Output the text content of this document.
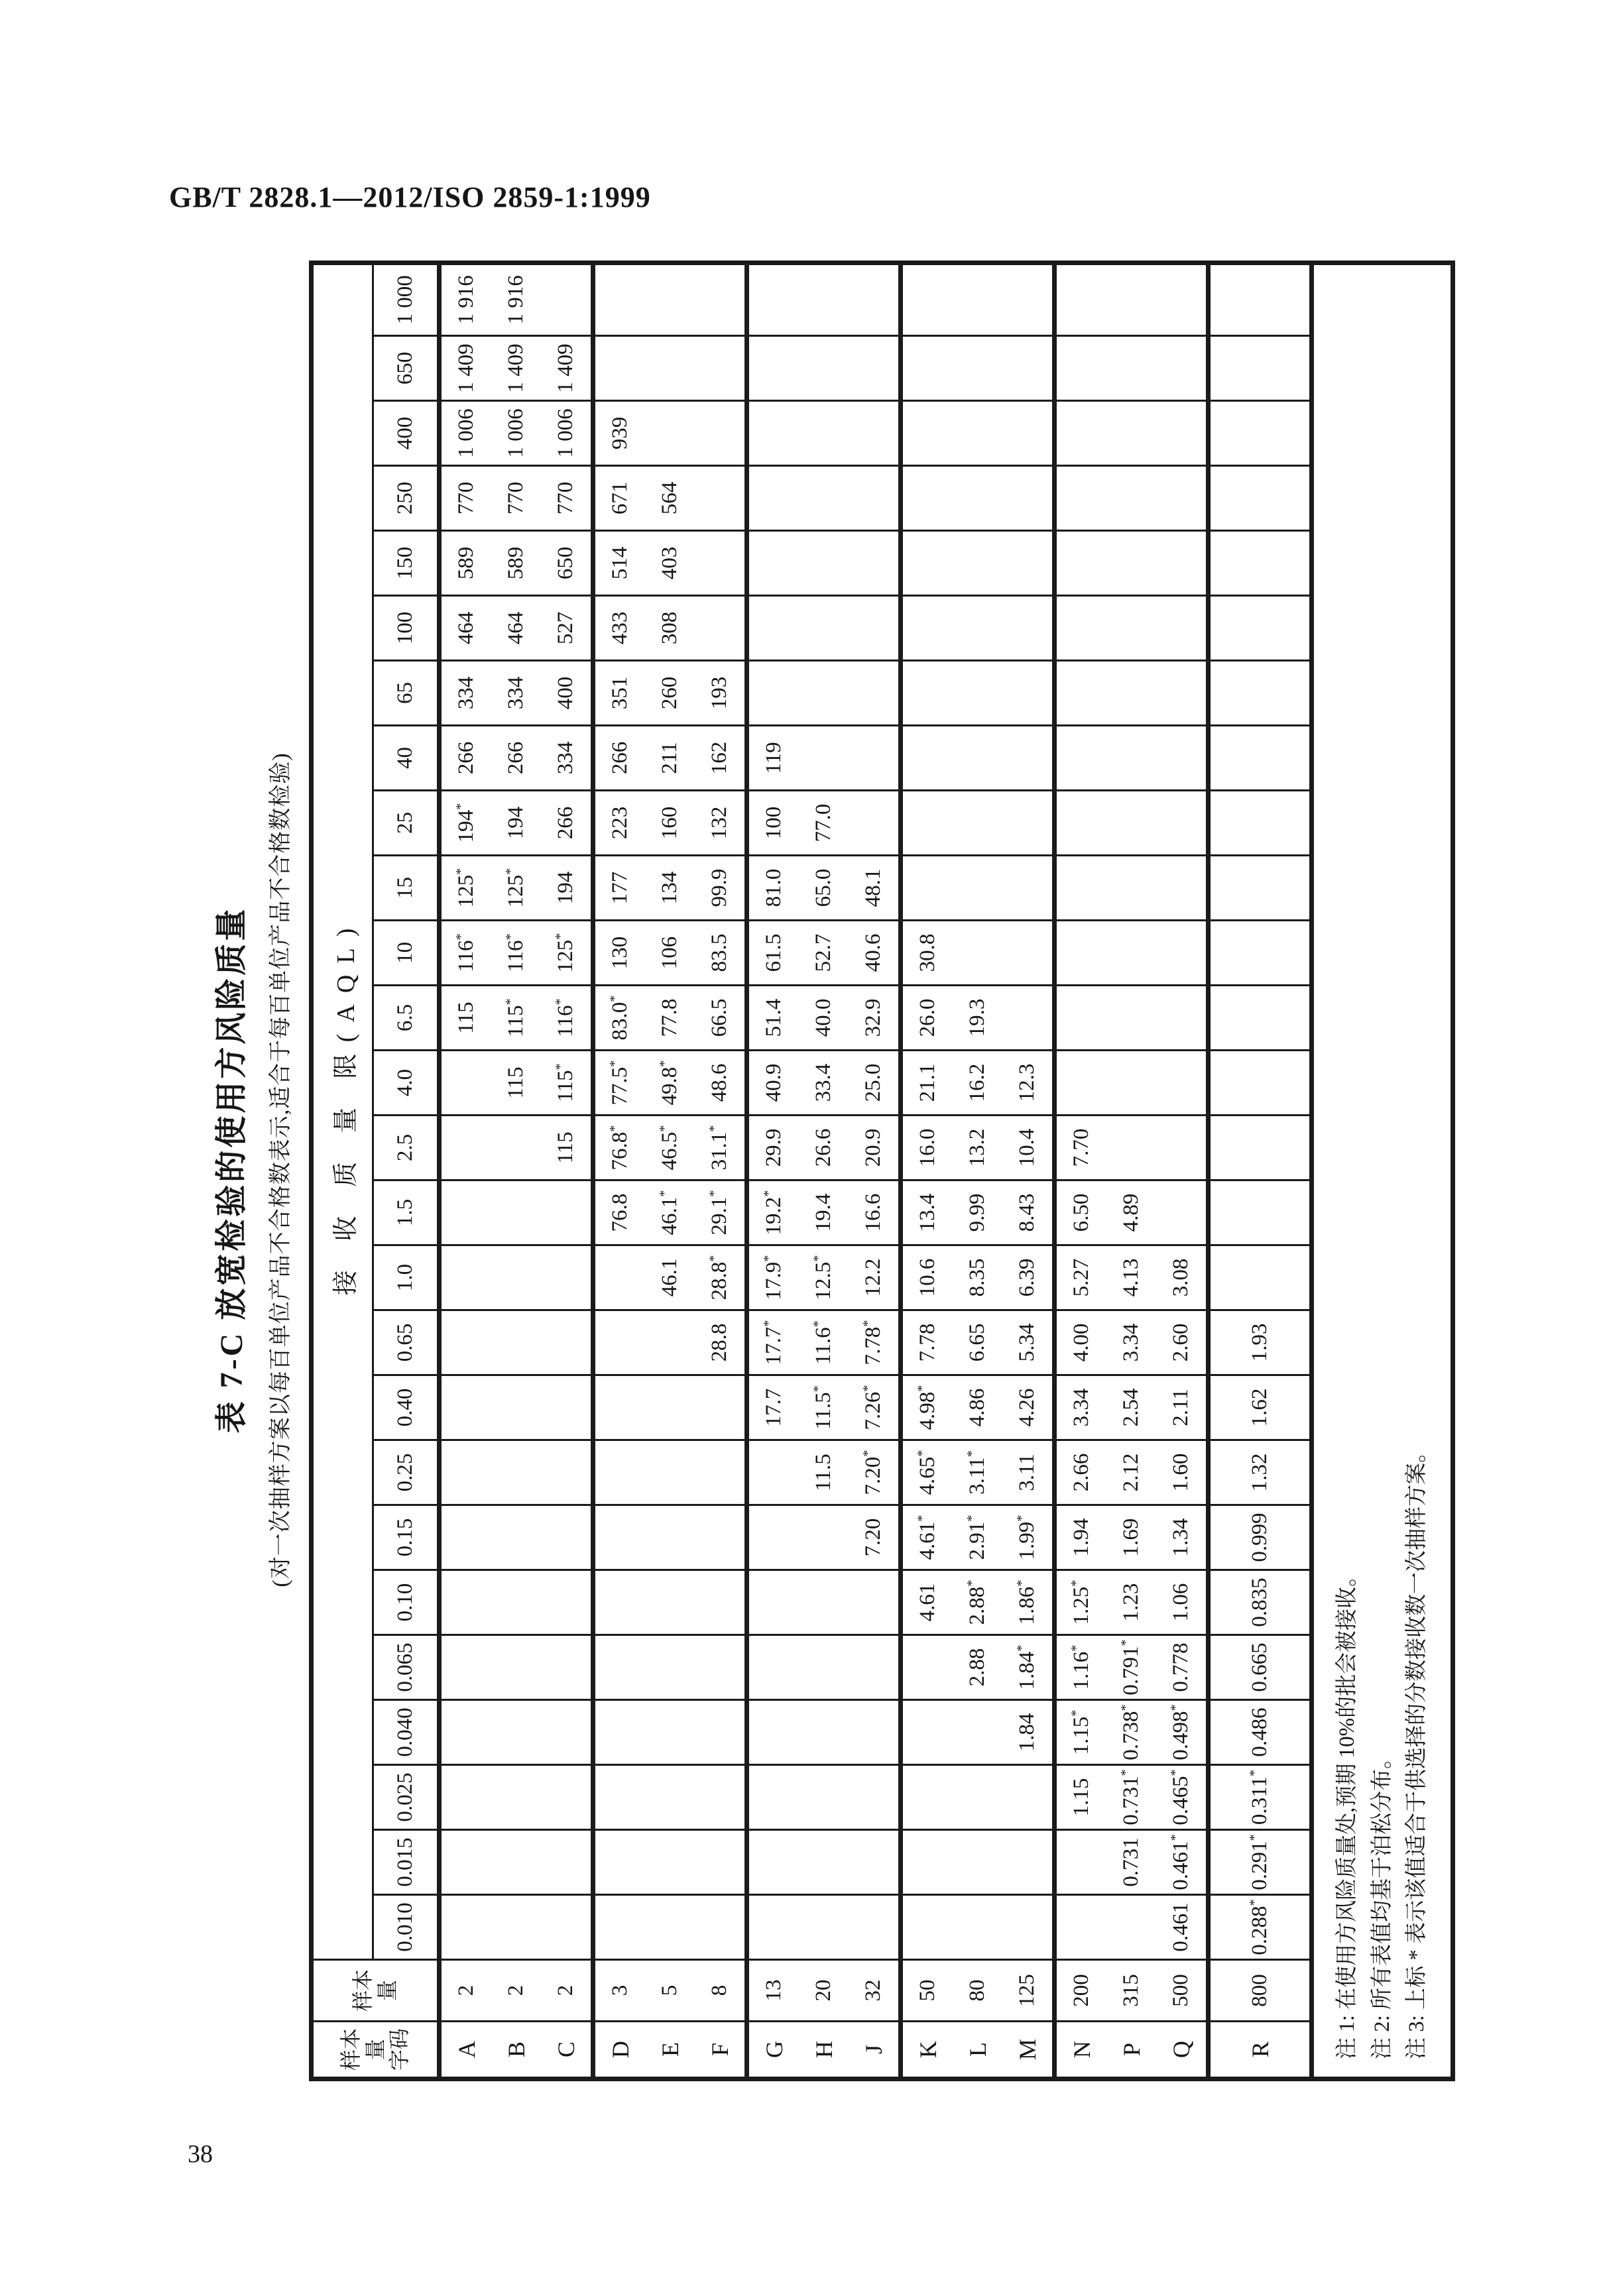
GB/T 2828.1—2012/ISO 2859-1:1999
表 7-C 放宽检验的使用方风险质量 (对一次抽样方案以每百单位产品不合格数表示,适合于每百单位产品不合格数检验)
样本
量
字码	样本
量	接 收 质 量 限(AQL)																									
		0.010	0.015	0.025	0.040	0.065	0.10	0.15	0.25	0.40	0.65	1.0	1.5	2.5	4.0	6.5	10	15	25	40	65	100	150	250	400	650	1 000
A	2															115	116*	125*	194*	266	334	464	589	770	1 006	1 409	1 916
B	2														115	115*	116*	125*	194	266	334	464	589	770	1 006	1 409	1 916
C	2													115	115*	116*	125*	194	266	334	400	527	650	770	1 006	1 409	
D	3												76.8	76.8*	77.5*	83.0*	130	177	223	266	351	433	514	671	939		
E	5											46.1	46.1*	46.5*	49.8*	77.8	106	134	160	211	260	308	403	564			
F	8										28.8	28.8*	29.1*	31.1*	48.6	66.5	83.5	99.9	132	162	193						
G	13									17.7	17.7*	17.9*	19.2*	29.9	40.9	51.4	61.5	81.0	100	119							
H	20								11.5	11.5*	11.6*	12.5*	19.4	26.6	33.4	40.0	52.7	65.0	77.0								
J	32							7.20	7.20*	7.26*	7.78*	12.2	16.6	20.9	25.0	32.9	40.6	48.1									
K	50						4.61	4.61*	4.65*	4.98*	7.78	10.6	13.4	16.0	21.1	26.0	30.8										
L	80					2.88	2.88*	2.91*	3.11*	4.86	6.65	8.35	9.99	13.2	16.2	19.3											
M	125				1.84	1.84*	1.86*	1.99*	3.11	4.26	5.34	6.39	8.43	10.4	12.3												
N	200			1.15	1.15*	1.16*	1.25*	1.94	2.66	3.34	4.00	5.27	6.50	7.70													
P	315		0.731	0.731*	0.738*	0.791*	1.23	1.69	2.12	2.54	3.34	4.13	4.89														
Q	500	0.461	0.461*	0.465*	0.498*	0.778	1.06	1.34	1.60	2.11	2.60	3.08															
R	800	0.288*	0.291*	0.311*	0.486	0.665	0.835	0.999	1.32	1.62	1.93																

注 1: 在使用方风险质量处,预期 10%的批会被接收。 注 2: 所有表值均基于泊松分布。 注 3: 上标 * 表示该值适合于供选择的分数接收数一次抽样方案。																											
38
